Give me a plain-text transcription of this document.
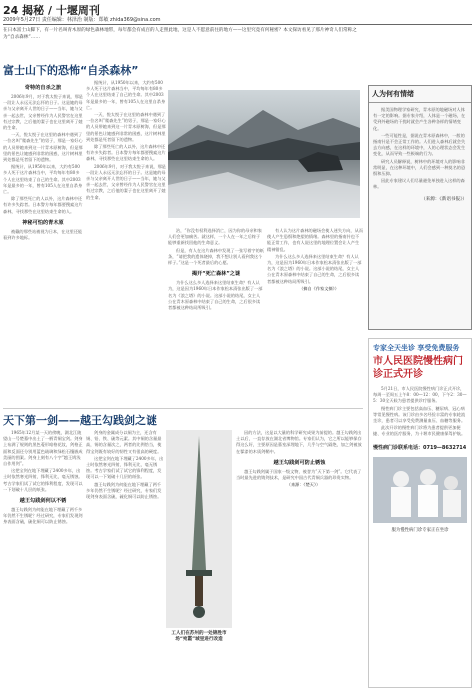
24 揭秘 / 十堰周刊
2009年5月27日 责任编辑：林泽治 制版：郑敏 zhida369@sina.com
在日本富士山脚下，有一片名叫青木原的绿色森林地带，每年都会有成百的人走照此地，这是人不愿意前往的地方——这里究竟有何秘密？本文探访看见了那片神奇人们常称之为“自杀森林”……
富士山下的恐怖“自杀森林”
奇特的自杀之旅

2006年9月，对于我太悦子来说，那是一段让人永远无法忘怀的日子。这是她的母亲与父亲离开人世的日子——当年，她与父亲一起去世，父亲曾经作为人民警官在这里有过宗教，之后他的妻子也在这里离开了她的生命。

一天，悦太悦子在这里的森林中遇到了一位名叫“爬森先生”的男子，那是一家好心的人员带她来到这一片青木原树海，但是那里的景色让她感到非常的困惑，这片树林里到处都是死者留下的遗物。

据统计，从1950年以来，大约有500多人死于这片森林当中，平均每年有80多个人在这里结束了自己的生命。其中2003年是最多的一年，曾有105人在这里自杀身亡。

除了那些死亡的人以外，这片森林中还有许多失踪者。日本警方每年都要搜索这片森林，寻找那些在这里结束生命的人。

神秘可怕的青木原

被戴的那些站被视为日本，在这里还能看到许多地标。

据统计，从1950年以来，大约有500多人死于这片森林当中，平均每年有80多个人在这里结束了自己的生命。其中2003年是最多的一年，曾有105人在这里自杀身亡。

一天，悦太悦子在这里的森林中遇到了一位名叫“爬森先生”的男子，那是一家好心的人员带她来到这一片青木原树海，但是那里的景色让她感到非常的困惑，这片树林里到处都是死者留下的遗物。

除了那些死亡的人以外，这片森林中还有许多失踪者。日本警方每年都要搜索这片森林，寻找那些在这里结束生命的人。

2006年9月，对于我太悦子来说，那是一段让人永远无法忘怀的日子。这是她的母亲与父亲离开人世的日子——当年，她与父亲一起去世，父亲曾经作为人民警官在这里有过宗教，之后他的妻子也在这里离开了她的生命。

治，“你没有权利选择消亡，因为你的母亲和家人们会更加痛苦。就这样，一个人在一年之后终于能够重新找回他的生命意义。

但是，有人在这片森林中发现了一张写着字的纸条，“请把我的遗体烧掉，我不想让别人看到我这个样子。”这是一个死者最后的心愿。

揭开“死亡森林”之谜

为什么这么多人选择来这里结束生命？有人认为，这是因为1960年日本作家松本清张出版了一部名为《浪之塔》的小说。这部小说的结尾，女主人公在青木原森林中结束了自己的生命，之后很多读者都被这种结局所吸引。

有人认为这片森林的磁场会使人迷失方向，从而使人产生恐惧和绝望的情绪。森林里的指南针也不能正常工作，也有人说这里的地理位置会让人产生精神错乱。

为什么这么多人选择来这里结束生命？有人认为，这是因为1960年日本作家松本清张出版了一部名为《浪之塔》的小说。这部小说的结尾，女主人公在青木原森林中结束了自己的生命，之后很多读者都被这种结局所吸引。

（摘自《作家文摘》）

人为何有情绪

据美国物理学家研究，青木原的地磁场对人体有一定的影响。据专家介绍，人体是一个磁场，在受到外磁场的干扰时就会产生各种各样的情绪变化。

一些可能性是，据说在青木原森林中，一般的指南针是不会正常工作的。人们进入森林后就会失去方向感，在这样的环境中，人的心理状态会发生变化，从而导致一些极端的行为。

研究人员解释说，树林中的环境对人的影响非常明显，在这种环境中，人们会感到一种莫名的恐惧和压抑。

因此专家建议人们尽量避免单独进入这样的森林。

（来源：《新语书报》）
天下第一剑——越王勾践剑之谜

1965年12月某一天的傍晚，湖北江陵望山一号楚墓中出土了一柄青铜宝剑。剑身上布满了规则的黑色菱形暗格花纹，剑格正面和反面还分别用蓝色琉璃和绿松石镶嵌成美丽的图案。剑身上刻有八个字“越王鸠浅自作用剑”。

这把宝剑在地下埋藏了2400多年，出土时依然寒光四射，锋利无比，毫无锈蚀。考古学家们试了试它的锋利程度，发现可以一下划破十几层的纸张。

越王勾践剑何以不锈

越王勾践剑为何能在地下埋藏了两千多年仍然不生锈呢？经过研究，专家们发现剑身表面含硫，硫化铜可以防止锈蚀。

剑身的金属成分以铜为主，还含有锡、铅、铁、硫等元素。其中铜的含量最高，锡的含量次之，两者的比例恰当，使得宝剑既有较好的韧性又有很高的硬度。

这把宝剑在地下埋藏了2400多年，出土时依然寒光四射，锋利无比，毫无锈蚀。考古学家们试了试它的锋利程度，发现可以一下划破十几层的纸张。

越王勾践剑为何能在地下埋藏了两千多年仍然不生锈呢？经过研究，专家们发现剑身表面含硫，硫化铜可以防止锈蚀。

工人们在苏州的一处锦胜市场“宛霞”城里进行改造

因的方法，这是以大量的科学研究成果为前提的。越王勾践剑出土以后，一直存放在湖北省博物馆。专家们认为，它之所以能够保存得这么好，主要原因是墓室深埋地下，几乎与空气隔绝，加之剑被放在髹漆的木质剑鞘中。

越王勾践剑可防止锈蚀

越王勾践剑属于国家一级文物，被誉为“天下第一剑”。它代表了当时最先进的铸剑技术，是研究中国古代青铜兵器的珍贵实物。

（来源：《楚天》）

专家全天坐诊 享受免费服务
市人民医院慢性病门诊正式开诊

5月21日，市人民医院慢性病门诊正式开诊，每周一至周五上午8：00—12：00，下午2：30—5：30全天候为患者提供诊疗服务。

慢性病门诊主要包括高血压、糖尿病、冠心病等常见慢性病。该门诊由多名经验丰富的专家轮流坐诊，患者可以享受免费测量血压、血糖等服务。

此次开诊的慢性病门诊将为患者提供更加便捷、专业的医疗服务，为十堰市民健康保驾护航。

慢性病门诊联系电话：0719—8632714
服为慢性病门诊专家正在坐诊
